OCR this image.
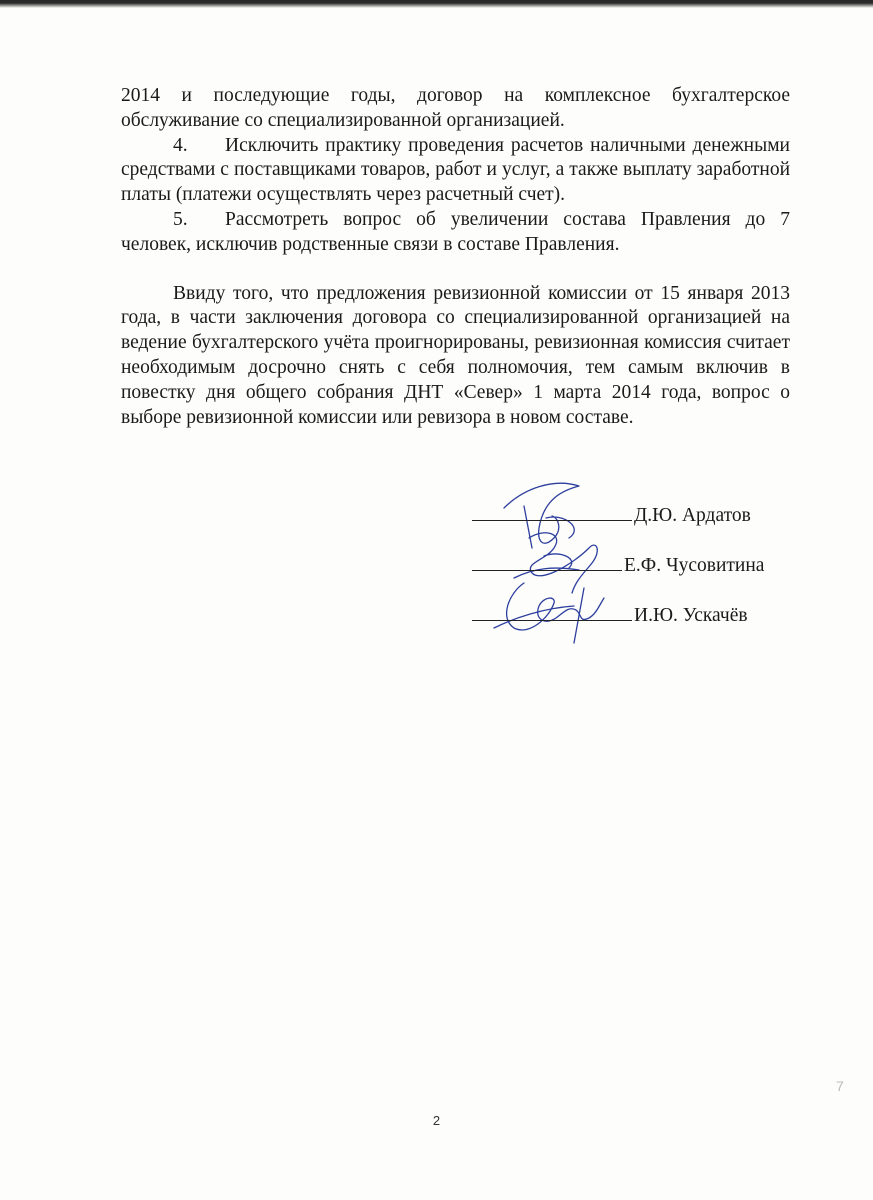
2014 и последующие годы, договор на комплексное бухгалтерское обслуживание со специализированной организацией.

4. Исключить практику проведения расчетов наличными денежными средствами с поставщиками товаров, работ и услуг, а также выплату заработной платы (платежи осуществлять через расчетный счет).

5. Рассмотреть вопрос об увеличении состава Правления до 7 человек, исключив родственные связи в составе Правления.

Ввиду того, что предложения ревизионной комиссии от 15 января 2013 года, в части заключения договора со специализированной организацией на ведение бухгалтерского учёта проигнорированы, ревизионная комиссия считает необходимым досрочно снять с себя полномочия, тем самым включив в повестку дня общего собрания ДНТ «Север» 1 марта 2014 года, вопрос о выборе ревизионной комиссии или ревизора в новом составе.

Д.Ю. Ардатов
Е.Ф. Чусовитина
И.Ю. Ускачёв
2
7
